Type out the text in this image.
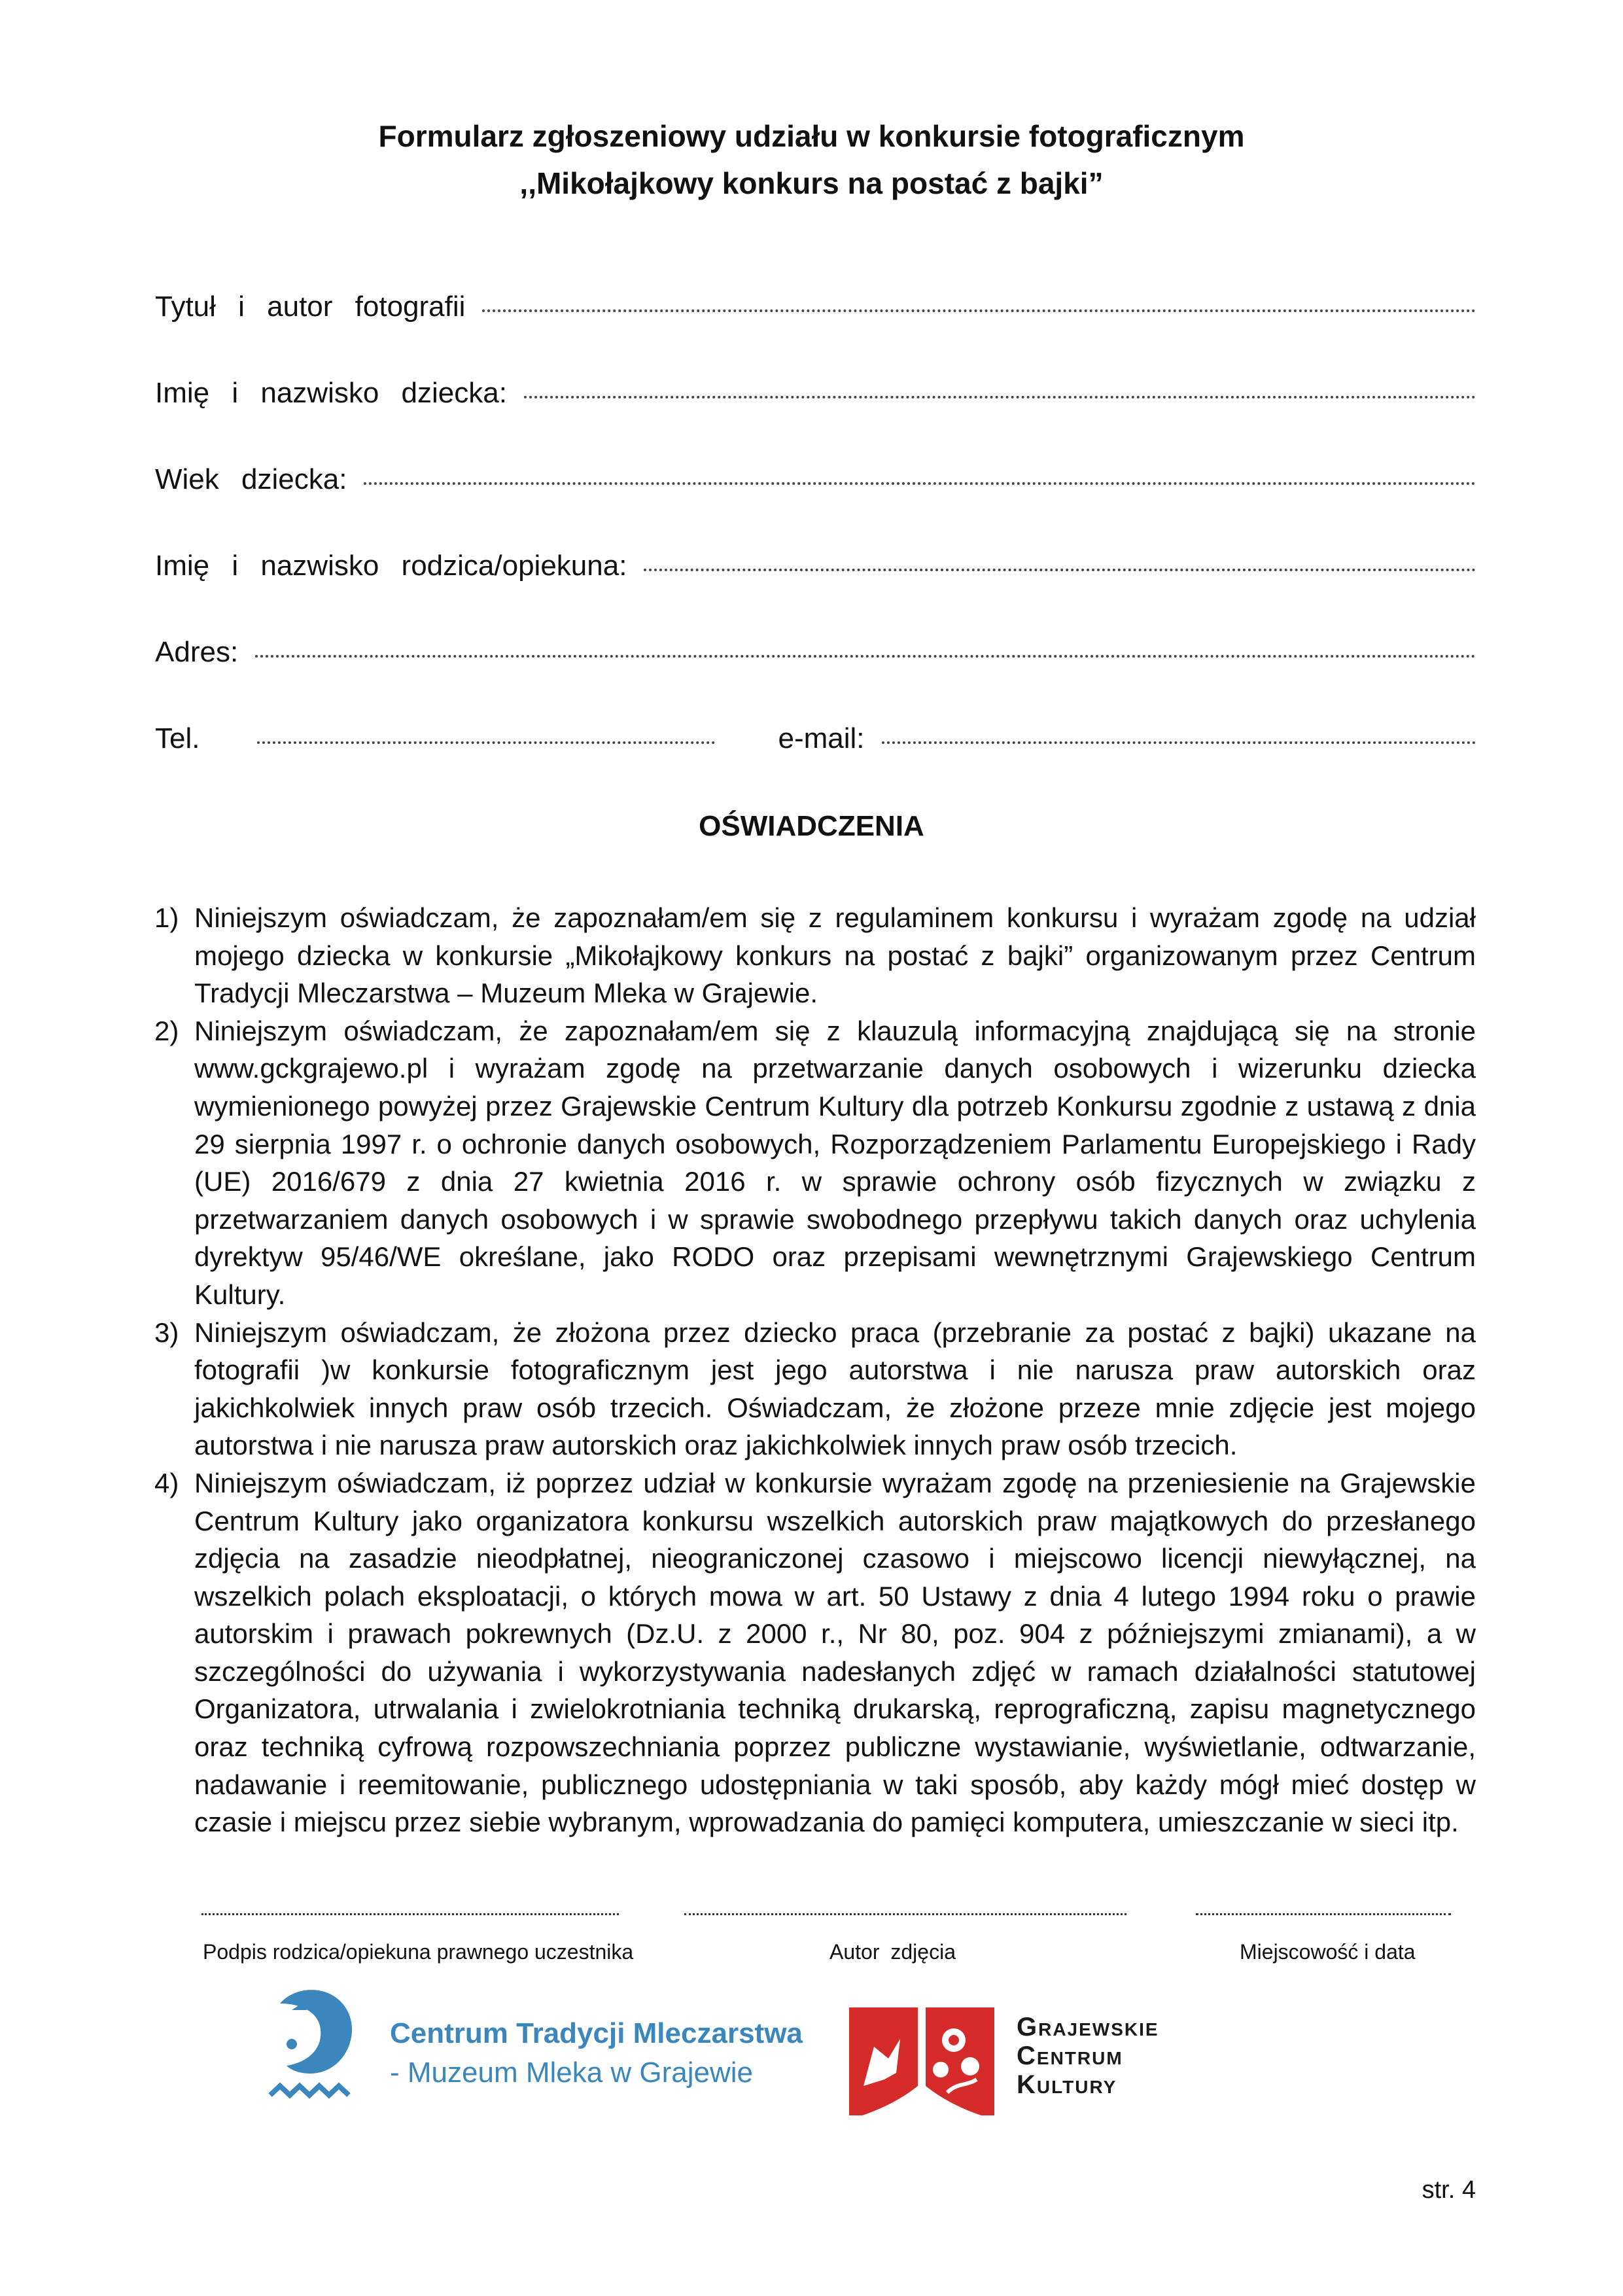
Formularz zgłoszeniowy udziału w konkursie fotograficznym
,,Mikołajkowy konkurs na postać z bajki”
Tytuł i autor fotografii
Imię i nazwisko dziecka:
Wiek dziecka:
Imię i nazwisko rodzica/opiekuna:
Adres:
Tel.	e-mail:
OŚWIADCZENIA
1) Niniejszym oświadczam, że zapoznałam/em się z regulaminem konkursu i wyrażam zgodę na udział mojego dziecka w konkursie „Mikołajkowy konkurs na postać z bajki” organizowanym przez Centrum Tradycji Mleczarstwa – Muzeum Mleka w Grajewie.
2) Niniejszym oświadczam, że zapoznałam/em się z klauzulą informacyjną znajdującą się na stronie www.gckgrajewo.pl i wyrażam zgodę na przetwarzanie danych osobowych i wizerunku dziecka wymienionego powyżej przez Grajewskie Centrum Kultury dla potrzeb Konkursu zgodnie z ustawą z dnia 29 sierpnia 1997 r. o ochronie danych osobowych, Rozporządzeniem Parlamentu Europejskiego i Rady (UE) 2016/679 z dnia 27 kwietnia 2016 r. w sprawie ochrony osób fizycznych w związku z przetwarzaniem danych osobowych i w sprawie swobodnego przepływu takich danych oraz uchylenia dyrektyw 95/46/WE określane, jako RODO oraz przepisami wewnętrznymi Grajewskiego Centrum Kultury.
3) Niniejszym oświadczam, że złożona przez dziecko praca (przebranie za postać z bajki) ukazane na fotografii )w konkursie fotograficznym jest jego autorstwa i nie narusza praw autorskich oraz jakichkolwiek innych praw osób trzecich. Oświadczam, że złożone przeze mnie zdjęcie jest mojego autorstwa i nie narusza praw autorskich oraz jakichkolwiek innych praw osób trzecich.
4) Niniejszym oświadczam, iż poprzez udział w konkursie wyrażam zgodę na przeniesienie na Grajewskie Centrum Kultury jako organizatora konkursu wszelkich autorskich praw majątkowych do przesłanego zdjęcia na zasadzie nieodpłatnej, nieograniczonej czasowo i miejscowo licencji niewyłącznej, na wszelkich polach eksploatacji, o których mowa w art. 50 Ustawy z dnia 4 lutego 1994 roku o prawie autorskim i prawach pokrewnych (Dz.U. z 2000 r., Nr 80, poz. 904 z późniejszymi zmianami), a w szczególności do używania i wykorzystywania nadesłanych zdjęć w ramach działalności statutowej Organizatora, utrwalania i zwielokrotniania techniką drukarską, reprograficzną, zapisu magnetycznego oraz techniką cyfrową rozpowszechniania poprzez publiczne wystawianie, wyświetlanie, odtwarzanie, nadawanie i reemitowanie, publicznego udostępniania w taki sposób, aby każdy mógł mieć dostęp w czasie i miejscu przez siebie wybranym, wprowadzania do pamięci komputera, umieszczanie w sieci itp.
Podpis rodzica/opiekuna prawnego uczestnika	Autor zdjęcia	Miejscowość i data
Centrum Tradycji Mleczarstwa
- Muzeum Mleka w Grajewie
Grajewskie
Centrum
Kultury
str. 4
